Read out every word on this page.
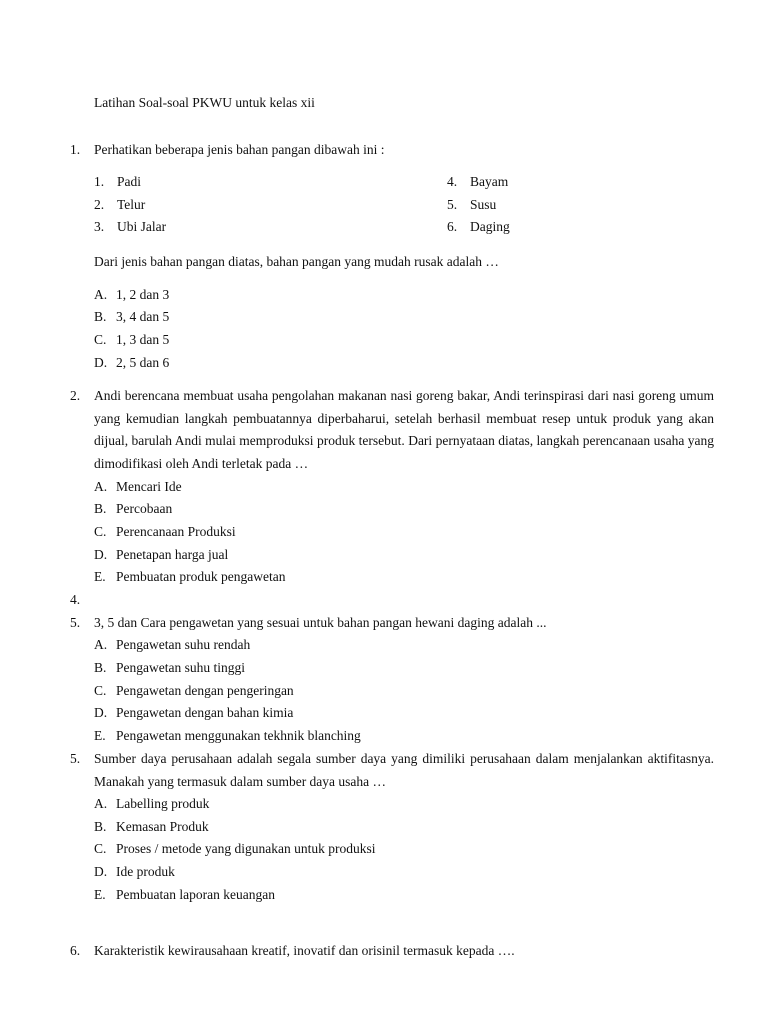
Latihan Soal-soal PKWU untuk kelas xii
1. Perhatikan beberapa jenis bahan pangan dibawah ini :
1. Padi
2. Telur
3. Ubi Jalar
4. Bayam
5. Susu
6. Daging
Dari jenis bahan pangan diatas, bahan pangan yang mudah rusak adalah …
A. 1, 2 dan 3
B. 3, 4 dan 5
C. 1, 3 dan 5
D. 2, 5 dan 6
2. Andi berencana membuat usaha pengolahan makanan nasi goreng bakar, Andi terinspirasi dari nasi goreng umum yang kemudian langkah pembuatannya diperbaharui, setelah berhasil membuat resep untuk produk yang akan dijual, barulah Andi mulai memproduksi produk tersebut. Dari pernyataan diatas, langkah perencanaan usaha yang dimodifikasi oleh Andi terletak pada …
A. Mencari Ide
B. Percobaan
C. Perencanaan Produksi
D. Penetapan harga jual
E. Pembuatan produk pengawetan
4.
5. 3, 5 dan Cara pengawetan yang sesuai untuk bahan pangan hewani daging adalah ...
A. Pengawetan suhu rendah
B. Pengawetan suhu tinggi
C. Pengawetan dengan pengeringan
D. Pengawetan dengan bahan kimia
E. Pengawetan menggunakan tekhnik blanching
5. Sumber daya perusahaan adalah segala sumber daya yang dimiliki perusahaan dalam menjalankan aktifitasnya. Manakah yang termasuk dalam sumber daya usaha …
A. Labelling produk
B. Kemasan Produk
C. Proses / metode yang digunakan untuk produksi
D. Ide produk
E. Pembuatan laporan keuangan
6. Karakteristik kewirausahaan kreatif, inovatif dan orisinil termasuk kepada ….
